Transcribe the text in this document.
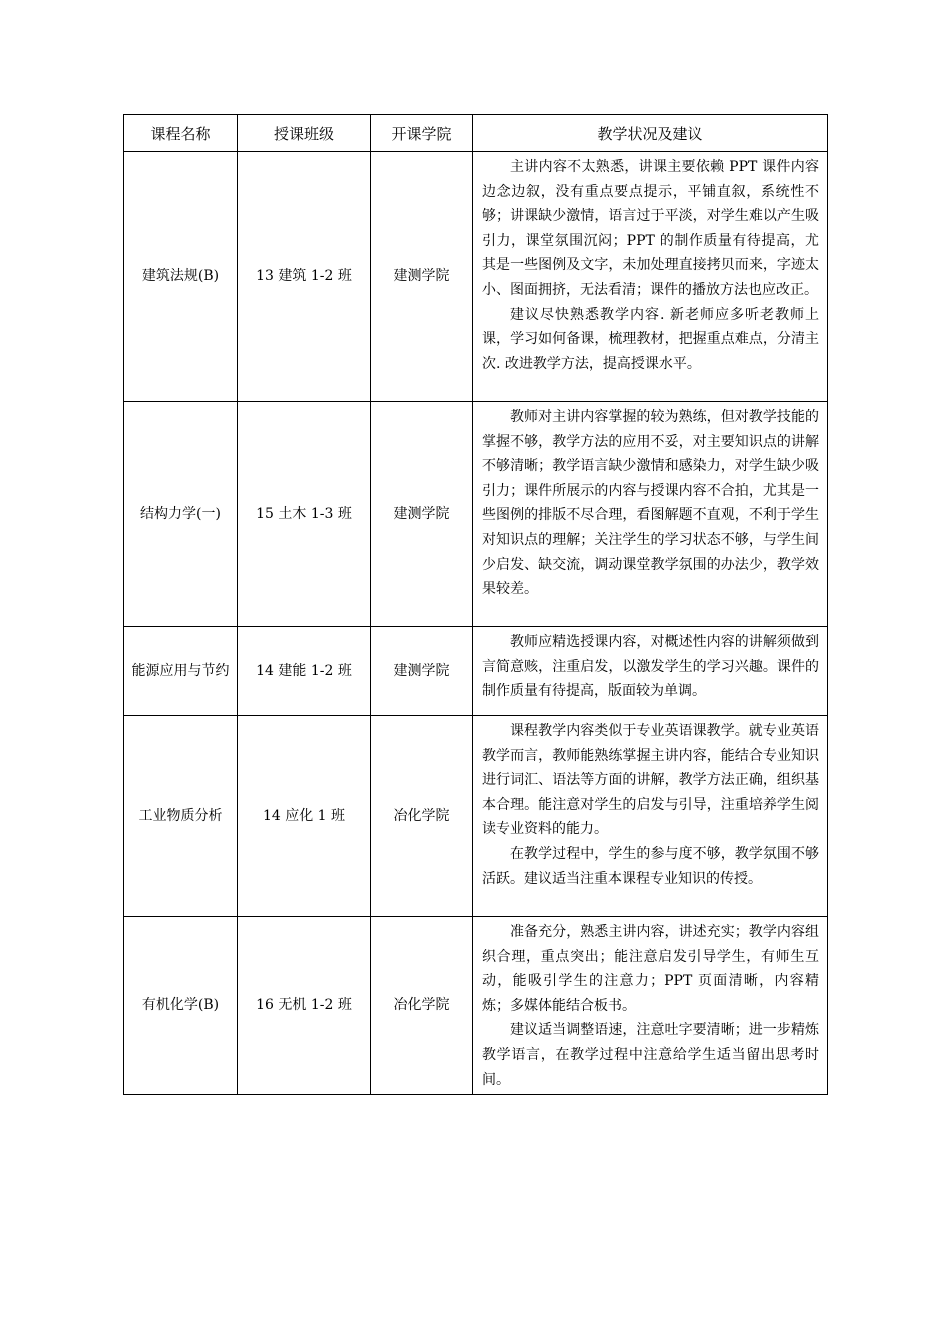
课程名称	授课班级	开课学院	教学状况及建议
建筑法规(B)	13 建筑 1-2 班	建测学院	主讲内容不太熟悉，讲课主要依赖 PPT 课件内容边念边叙，没有重点要点提示，平铺直叙，系统性不够；讲课缺少激情，语言过于平淡，对学生难以产生吸引力，课堂氛围沉闷；PPT 的制作质量有待提高，尤其是一些图例及文字，未加处理直接拷贝而来，字迹太小、图面拥挤，无法看清；课件的播放方法也应改正。

建议尽快熟悉教学内容. 新老师应多听老教师上课，学习如何备课，梳理教材，把握重点难点，分清主次. 改进教学方法，提高授课水平。

结构力学(一)	15 土木 1-3 班	建测学院	教师对主讲内容掌握的较为熟练，但对教学技能的掌握不够，教学方法的应用不妥，对主要知识点的讲解不够清晰；教学语言缺少激情和感染力，对学生缺少吸引力；课件所展示的内容与授课内容不合拍，尤其是一些图例的排版不尽合理，看图解题不直观，不利于学生对知识点的理解；关注学生的学习状态不够，与学生间少启发、缺交流，调动课堂教学氛围的办法少，教学效果较差。

能源应用与节约	14 建能 1-2 班	建测学院	教师应精选授课内容，对概述性内容的讲解须做到言简意赅，注重启发，以激发学生的学习兴趣。课件的制作质量有待提高，版面较为单调。

工业物质分析	14 应化 1 班	冶化学院	课程教学内容类似于专业英语课教学。就专业英语教学而言，教师能熟练掌握主讲内容，能结合专业知识进行词汇、语法等方面的讲解，教学方法正确，组织基本合理。能注意对学生的启发与引导，注重培养学生阅读专业资料的能力。

在教学过程中，学生的参与度不够，教学氛围不够活跃。建议适当注重本课程专业知识的传授。

有机化学(B)	16 无机 1-2 班	冶化学院	准备充分，熟悉主讲内容，讲述充实；教学内容组织合理，重点突出；能注意启发引导学生，有师生互动，能吸引学生的注意力；PPT 页面清晰，内容精炼；多媒体能结合板书。

建议适当调整语速，注意吐字要清晰；进一步精炼教学语言，在教学过程中注意给学生适当留出思考时间。
